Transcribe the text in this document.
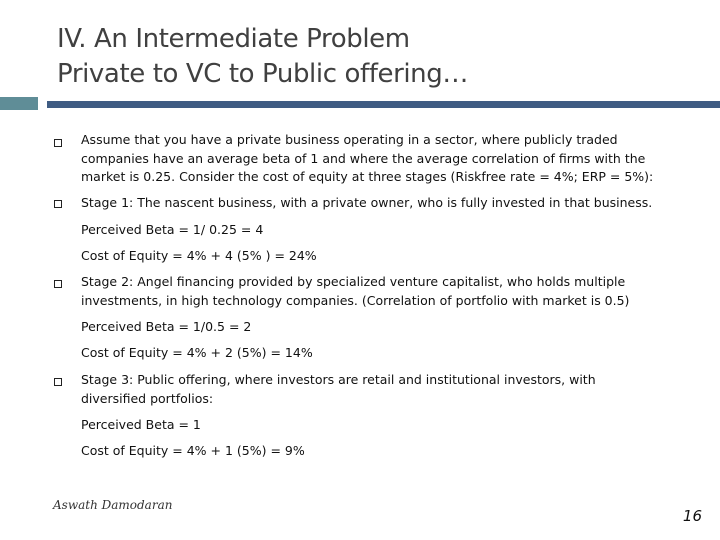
IV. An Intermediate Problem
Private to VC to Public offering…
Assume that you have a private business operating in a sector, where publicly traded
companies have an average beta of 1 and where the average correlation of firms with the
market is 0.25. Consider the cost of equity at three stages (Riskfree rate = 4%; ERP = 5%):
Stage 1: The nascent business, with a private owner, who is fully invested in that business.
Perceived Beta = 1/ 0.25 = 4
Cost of Equity = 4% + 4 (5% ) = 24%
Stage 2: Angel financing provided by specialized venture capitalist, who holds multiple
investments, in high technology companies. (Correlation of portfolio with market is 0.5)
Perceived Beta = 1/0.5 = 2
Cost of Equity = 4% + 2 (5%) = 14%
Stage 3: Public offering, where investors are retail and institutional investors, with
diversified portfolios:
Perceived Beta = 1
Cost of Equity = 4% + 1 (5%) = 9%
Aswath Damodaran
16
